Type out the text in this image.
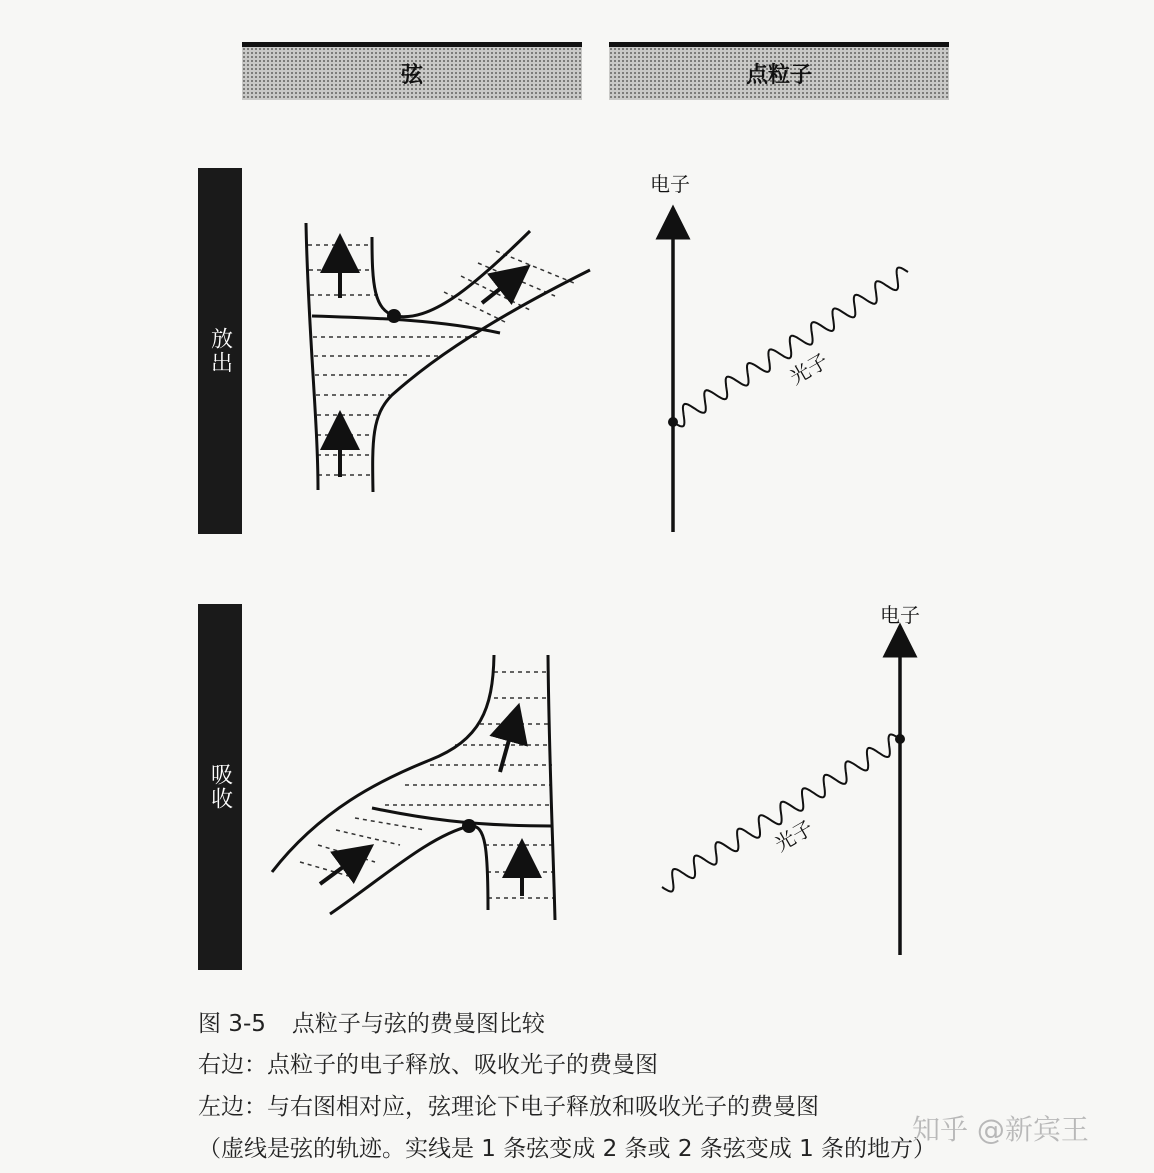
弦	点粒子
放出
吸收
电子
光子
电子
光子
图 3-5 点粒子与弦的费曼图比较
右边：点粒子的电子释放、吸收光子的费曼图
左边：与右图相对应，弦理论下电子释放和吸收光子的费曼图
（虚线是弦的轨迹。实线是 1 条弦变成 2 条或 2 条弦变成 1 条的地方）
知乎 @新宾王
